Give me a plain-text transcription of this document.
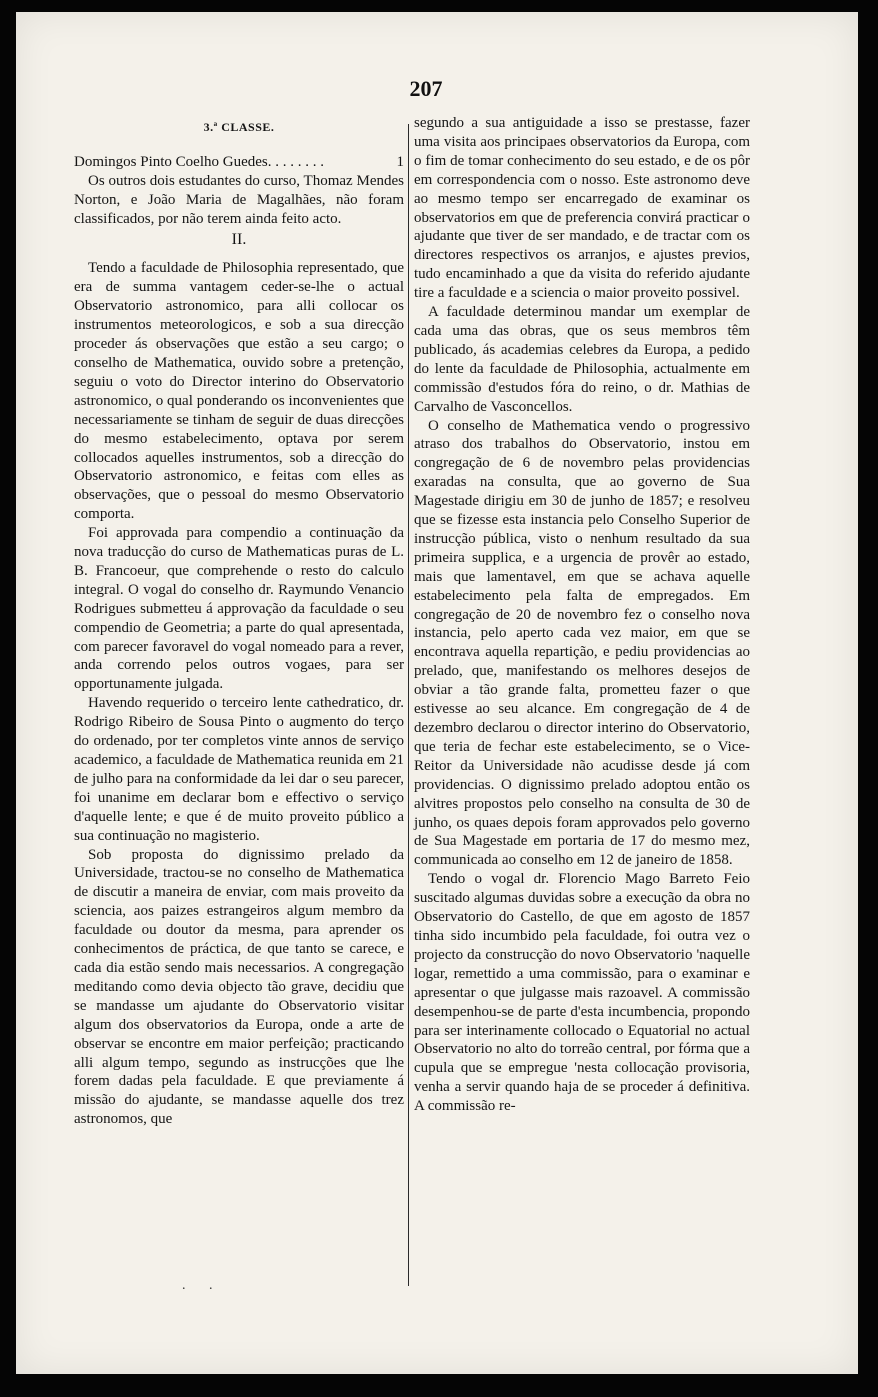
207
3.ª CLASSE.
Domingos Pinto Coelho Guedes. . . . . . . .	1

Os outros dois estudantes do curso, Thomaz Mendes Norton, e João Maria de Magalhães, não foram classificados, por não terem ainda feito acto.

II.

Tendo a faculdade de Philosophia representado, que era de summa vantagem ceder-se-lhe o actual Observatorio astronomico, para alli collocar os instrumentos meteorologicos, e sob a sua direcção proceder ás observações que estão a seu cargo; o conselho de Mathematica, ouvido sobre a pretenção, seguiu o voto do Director interino do Observatorio astronomico, o qual ponderando os inconvenientes que necessariamente se tinham de seguir de duas direcções do mesmo estabelecimento, optava por serem collocados aquelles instrumentos, sob a direcção do Observatorio astronomico, e feitas com elles as observações, que o pessoal do mesmo Observatorio comporta.

Foi approvada para compendio a continuação da nova traducção do curso de Mathematicas puras de L. B. Francoeur, que comprehende o resto do calculo integral. O vogal do conselho dr. Raymundo Venancio Rodrigues submetteu á approvação da faculdade o seu compendio de Geometria; a parte do qual apresentada, com parecer favoravel do vogal nomeado para a rever, anda correndo pelos outros vogaes, para ser opportunamente julgada.

Havendo requerido o terceiro lente cathedratico, dr. Rodrigo Ribeiro de Sousa Pinto o augmento do terço do ordenado, por ter completos vinte annos de serviço academico, a faculdade de Mathematica reunida em 21 de julho para na conformidade da lei dar o seu parecer, foi unanime em declarar bom e effectivo o serviço d'aquelle lente; e que é de muito proveito público a sua continuação no magisterio.

Sob proposta do dignissimo prelado da Universidade, tractou-se no conselho de Mathematica de discutir a maneira de enviar, com mais proveito da sciencia, aos paizes estrangeiros algum membro da faculdade ou doutor da mesma, para aprender os conhecimentos de práctica, de que tanto se carece, e cada dia estão sendo mais necessarios. A congregação meditando como devia objecto tão grave, decidiu que se mandasse um ajudante do Observatorio visitar algum dos observatorios da Europa, onde a arte de observar se encontre em maior perfeição; practicando alli algum tempo, segundo as instrucções que lhe forem dadas pela faculdade. E que previamente á missão do ajudante, se mandasse aquelle dos trez astronomos, que

segundo a sua antiguidade a isso se prestasse, fazer uma visita aos principaes observatorios da Europa, com o fim de tomar conhecimento do seu estado, e de os pôr em correspondencia com o nosso. Este astronomo deve ao mesmo tempo ser encarregado de examinar os observatorios em que de preferencia convirá practicar o ajudante que tiver de ser mandado, e de tractar com os directores respectivos os arranjos, e ajustes previos, tudo encaminhado a que da visita do referido ajudante tire a faculdade e a sciencia o maior proveito possivel.

A faculdade determinou mandar um exemplar de cada uma das obras, que os seus membros têm publicado, ás academias celebres da Europa, a pedido do lente da faculdade de Philosophia, actualmente em commissão d'estudos fóra do reino, o dr. Mathias de Carvalho de Vasconcellos.

O conselho de Mathematica vendo o progressivo atraso dos trabalhos do Observatorio, instou em congregação de 6 de novembro pelas providencias exaradas na consulta, que ao governo de Sua Magestade dirigiu em 30 de junho de 1857; e resolveu que se fizesse esta instancia pelo Conselho Superior de instrucção pública, visto o nenhum resultado da sua primeira supplica, e a urgencia de provêr ao estado, mais que lamentavel, em que se achava aquelle estabelecimento pela falta de empregados. Em congregação de 20 de novembro fez o conselho nova instancia, pelo aperto cada vez maior, em que se encontrava aquella repartição, e pediu providencias ao prelado, que, manifestando os melhores desejos de obviar a tão grande falta, prometteu fazer o que estivesse ao seu alcance. Em congregação de 4 de dezembro declarou o director interino do Observatorio, que teria de fechar este estabelecimento, se o Vice-Reitor da Universidade não acudisse desde já com providencias. O dignissimo prelado adoptou então os alvitres propostos pelo conselho na consulta de 30 de junho, os quaes depois foram approvados pelo governo de Sua Magestade em portaria de 17 do mesmo mez, communicada ao conselho em 12 de janeiro de 1858.

Tendo o vogal dr. Florencio Mago Barreto Feio suscitado algumas duvidas sobre a execução da obra no Observatorio do Castello, de que em agosto de 1857 tinha sido incumbido pela faculdade, foi outra vez o projecto da construcção do novo Observatorio 'naquelle logar, remettido a uma commissão, para o examinar e apresentar o que julgasse mais razoavel. A commissão desempenhou-se de parte d'esta incumbencia, propondo para ser interinamente collocado o Equatorial no actual Observatorio no alto do torreão central, por fórma que a cupula que se empregue 'nesta collocação provisoria, venha a servir quando haja de se proceder á definitiva. A commissão re-

. .
